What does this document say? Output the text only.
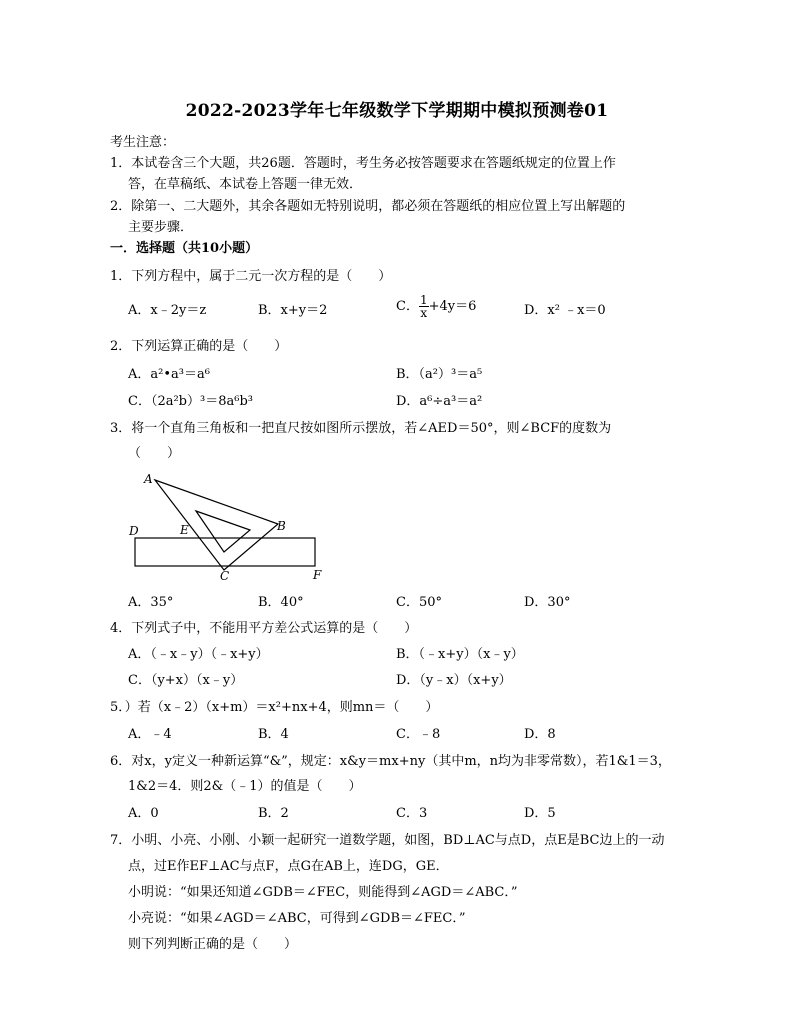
2022-2023学年七年级数学下学期期中模拟预测卷01
考生注意：
1．本试卷含三个大题，共26题．答题时，考生务必按答题要求在答题纸规定的位置上作
答，在草稿纸、本试卷上答题一律无效．
2．除第一、二大题外，其余各题如无特别说明，都必须在答题纸的相应位置上写出解题的
主要步骤．
一．选择题（共10小题）
1．下列方程中，属于二元一次方程的是（　　）
A．x﹣2y＝z	B．x+y＝2	C． $\frac{1}{x} +4y=6$	D．x² ﹣x＝0
2．下列运算正确的是（　　）
A．a²•a³＝a⁶	B．（a²）³＝a⁵
C．（2a²b）³＝8a⁶b³	D．a⁶÷a³＝a²
3．将一个直角三角板和一把直尺按如图所示摆放，若∠AED＝50°，则∠BCF的度数为
（　　）
A
B
D	E
C	F
A．35°	B．40°	C．50°	D．30°
4．下列式子中，不能用平方差公式运算的是（　　）
A．（﹣x﹣y）（﹣x+y）	B．（﹣x+y）（x﹣y）
C．（y+x）（x﹣y）	D．（y﹣x）（x+y）
5．）若（x﹣2）（x+m）＝x²+nx+4，则mn＝（　　）
A．﹣4	B．4	C．﹣8	D．8
6．对x，y定义一种新运算“&”，规定：x&y＝mx+ny（其中m，n均为非零常数），若1&1＝3，
1&2＝4．则2&（﹣1）的值是（　　）
A．0	B．2	C．3	D．5
7．小明、小亮、小刚、小颖一起研究一道数学题，如图，BD⊥AC与点D，点E是BC边上的一动
点，过E作EF⊥AC与点F，点G在AB上，连DG，GE．
小明说：“如果还知道∠GDB＝∠FEC，则能得到∠AGD＝∠ABC．”
小亮说：“如果∠AGD＝∠ABC，可得到∠GDB＝∠FEC．”
则下列判断正确的是（　　）
